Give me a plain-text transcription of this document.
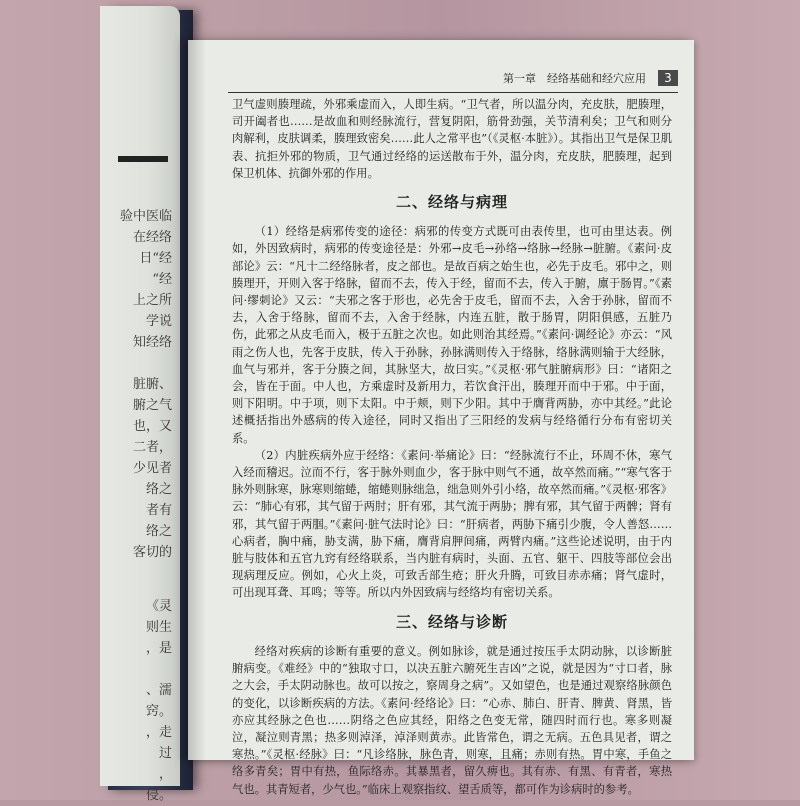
验中医临
在经络
日“经
“经
上之所
学说
知经络
脏腑、
腑之气
也，又
二者，
少见者
络之
者有
络之
客切的
《灵
则生
，是
、濡
窍。
，走
过
，
侵。
第一章　经络基础和经穴应用 3

卫气虚则腠理疏，外邪乘虚而入，人即生病。“卫气者，所以温分肉，充皮肤，肥腠理，司开阖者也……是故血和则经脉流行，营复阴阳，筋骨劲强，关节清利矣；卫气和则分肉解利，皮肤调柔，腠理致密矣……此人之常平也”（《灵枢·本脏》）。其指出卫气是保卫肌表、抗拒外邪的物质，卫气通过经络的运送散布于外，温分肉，充皮肤，肥腠理，起到保卫机体、抗御外邪的作用。

二、经络与病理

（1）经络是病邪传变的途径：病邪的传变方式既可由表传里，也可由里达表。例如，外因致病时，病邪的传变途径是：外邪→皮毛→孙络→络脉→经脉→脏腑。《素问·皮部论》云：“凡十二经络脉者，皮之部也。是故百病之始生也，必先于皮毛。邪中之，则腠理开，开则入客于络脉，留而不去，传入于经，留而不去，传入于腑，廪于肠胃。”《素问·缪刺论》又云：“夫邪之客于形也，必先舍于皮毛，留而不去，入舍于孙脉，留而不去，入舍于络脉，留而不去，入舍于经脉，内连五脏，散于肠胃，阴阳俱感，五脏乃伤，此邪之从皮毛而入，极于五脏之次也。如此则治其经焉。”《素问·调经论》亦云：“风雨之伤人也，先客于皮肤，传入于孙脉，孙脉满则传入于络脉，络脉满则输于大经脉，血气与邪并，客于分腠之间，其脉坚大，故曰实。”《灵枢·邪气脏腑病形》曰：“诸阳之会，皆在于面。中人也，方乘虚时及新用力，若饮食汗出，腠理开而中于邪。中于面，则下阳明。中于项，则下太阳。中于颊，则下少阳。其中于膺背两胁，亦中其经。”此论述概括指出外感病的传入途径，同时又指出了三阳经的发病与经络循行分布有密切关系。

（2）内脏疾病外应于经络：《素问·举痛论》曰：“经脉流行不止，环周不休，寒气入经而稽迟。泣而不行，客于脉外则血少，客于脉中则气不通，故卒然而痛。”“寒气客于脉外则脉寒，脉寒则缩蜷，缩蜷则脉绌急，绌急则外引小络，故卒然而痛。”《灵枢·邪客》云：“肺心有邪，其气留于两肘；肝有邪，其气流于两胁；脾有邪，其气留于两髀；肾有邪，其气留于两腘。”《素问·脏气法时论》曰：“肝病者，两胁下痛引少腹，令人善怒……心病者，胸中痛，胁支满，胁下痛，膺背肩胛间痛，两臂内痛。”这些论述说明，由于内脏与肢体和五官九窍有经络联系，当内脏有病时，头面、五官、躯干、四肢等部位会出现病理反应。例如，心火上炎，可致舌部生疮；肝火升腾，可致目赤赤痛；肾气虚时，可出现耳聋、耳鸣；等等。所以内外因致病与经络均有密切关系。

三、经络与诊断

经络对疾病的诊断有重要的意义。例如脉诊，就是通过按压手太阴动脉，以诊断脏腑病变。《难经》中的“独取寸口，以决五脏六腑死生吉凶”之说，就是因为“寸口者，脉之大会，手太阴动脉也。故可以按之，察周身之病”。又如望色，也是通过观察络脉颜色的变化，以诊断疾病的方法。《素问·经络论》曰：“心赤、肺白、肝青、脾黄、肾黑，皆亦应其经脉之色也……阴络之色应其经，阳络之色变无常，随四时而行也。寒多则凝泣，凝泣则青黑；热多则淖泽，淖泽则黄赤。此皆常色，谓之无病。五色具见者，谓之寒热。”《灵枢·经脉》曰：“凡诊络脉，脉色青，则寒，且痛；赤则有热。胃中寒，手鱼之络多青矣；胃中有热，鱼际络赤。其暴黑者，留久痹也。其有赤、有黑、有青者，寒热气也。其青短者，少气也。”临床上观察指纹、望舌质等，都可作为诊病时的参考。
